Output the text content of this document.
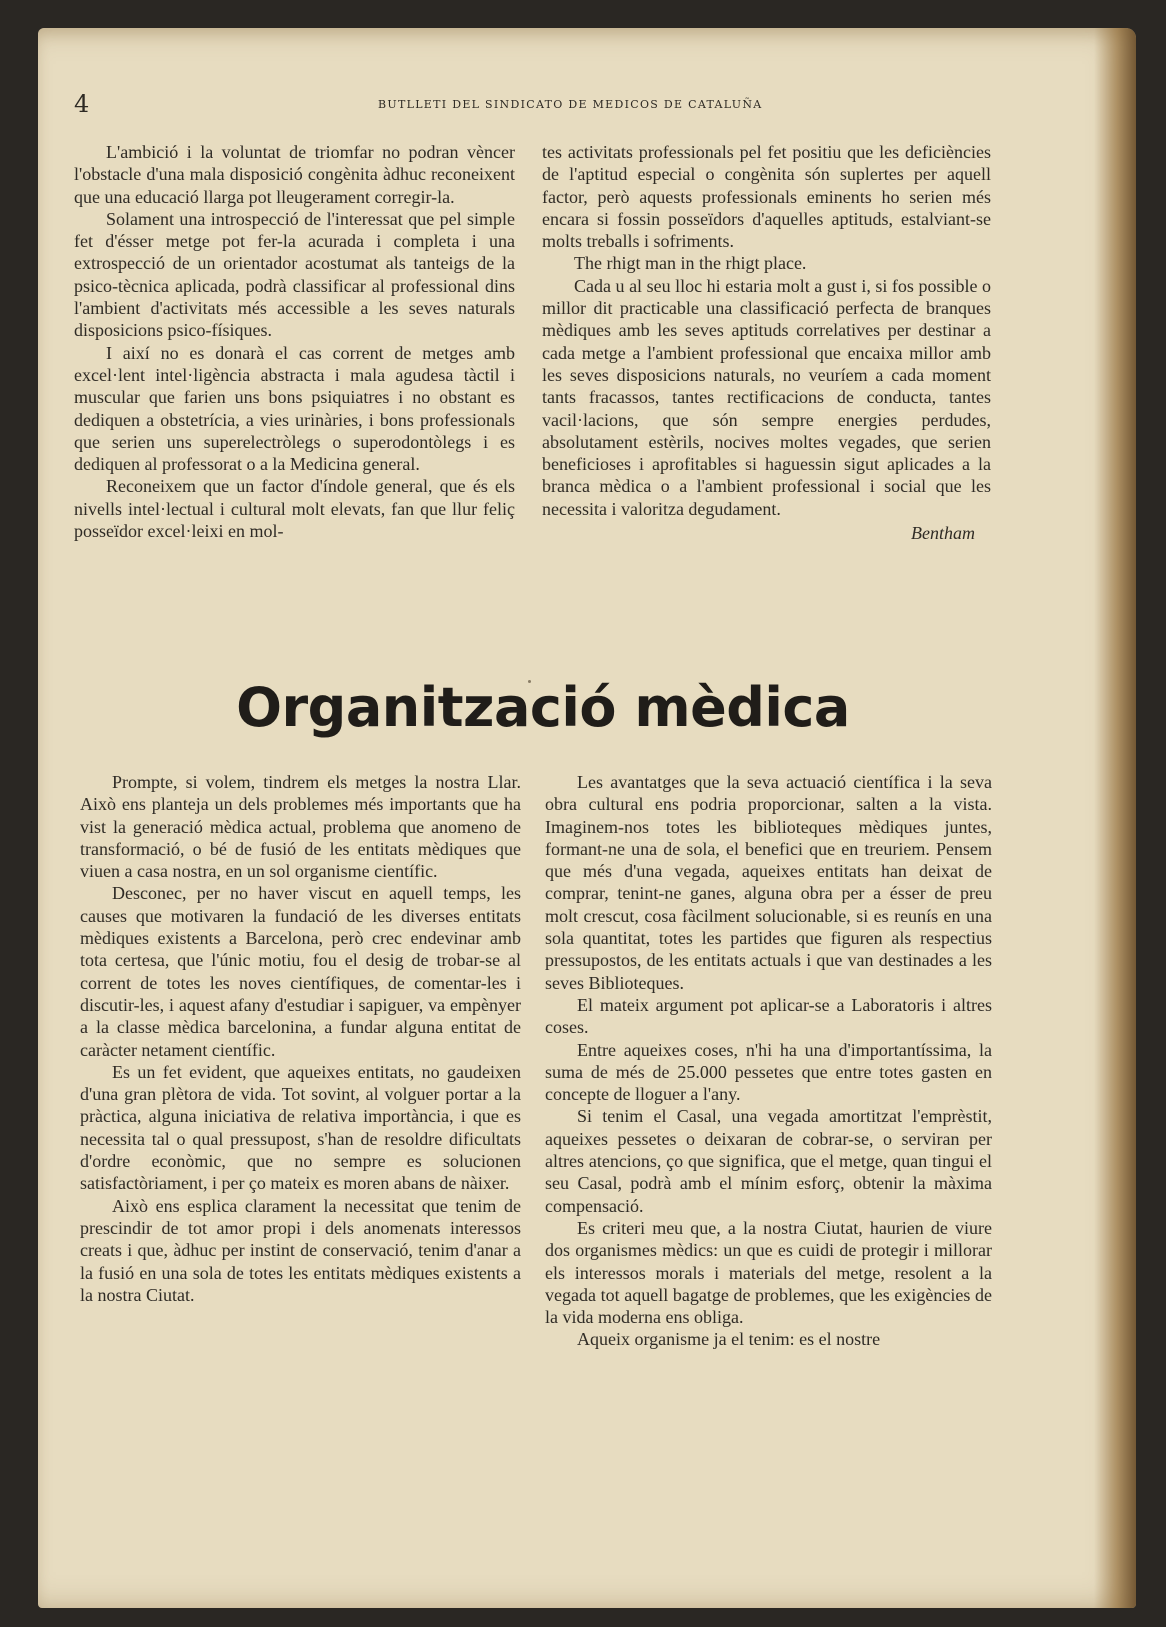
4	BUTLLETI DEL SINDICATO DE MEDICOS DE CATALUÑA

L'ambició i la voluntat de triomfar no podran vèncer l'obstacle d'una mala disposició congènita àdhuc reconeixent que una educació llarga pot lleugerament corregir-la.

Solament una introspecció de l'interessat que pel simple fet d'ésser metge pot fer-la acurada i completa i una extrospecció de un orientador acostumat als tanteigs de la psico-tècnica aplicada, podrà classificar al professional dins l'ambient d'activitats més accessible a les seves naturals disposicions psico-físiques.

I així no es donarà el cas corrent de metges amb excel·lent intel·ligència abstracta i mala agudesa tàctil i muscular que farien uns bons psiquiatres i no obstant es dediquen a obstetrícia, a vies urinàries, i bons professionals que serien uns superelectròlegs o superodontòlegs i es dediquen al professorat o a la Medicina general.

Reconeixem que un factor d'índole general, que és els nivells intel·lectual i cultural molt elevats, fan que llur feliç posseïdor excel·leixi en mol-

tes activitats professionals pel fet positiu que les deficiències de l'aptitud especial o congènita són suplertes per aquell factor, però aquests professionals eminents ho serien més encara si fossin posseïdors d'aquelles aptituds, estalviant-se molts treballs i sofriments.

The rhigt man in the rhigt place.

Cada u al seu lloc hi estaria molt a gust i, si fos possible o millor dit practicable una classificació perfecta de branques mèdiques amb les seves aptituds correlatives per destinar a cada metge a l'ambient professional que encaixa millor amb les seves disposicions naturals, no veuríem a cada moment tants fracassos, tantes rectificacions de conducta, tantes vacil·lacions, que són sempre energies perdudes, absolutament estèrils, nocives moltes vegades, que serien beneficioses i aprofitables si haguessin sigut aplicades a la branca mèdica o a l'ambient professional i social que les necessita i valoritza degudament.

Bentham
Organització mèdica

Prompte, si volem, tindrem els metges la nostra Llar. Això ens planteja un dels problemes més importants que ha vist la generació mèdica actual, problema que anomeno de transformació, o bé de fusió de les entitats mèdiques que viuen a casa nostra, en un sol organisme científic.

Desconec, per no haver viscut en aquell temps, les causes que motivaren la fundació de les diverses entitats mèdiques existents a Barcelona, però crec endevinar amb tota certesa, que l'únic motiu, fou el desig de trobar-se al corrent de totes les noves científiques, de comentar-les i discutir-les, i aquest afany d'estudiar i sapiguer, va empènyer a la classe mèdica barcelonina, a fundar alguna entitat de caràcter netament científic.

Es un fet evident, que aqueixes entitats, no gaudeixen d'una gran plètora de vida. Tot sovint, al volguer portar a la pràctica, alguna iniciativa de relativa importància, i que es necessita tal o qual pressupost, s'han de resoldre dificultats d'ordre econòmic, que no sempre es solucionen satisfactòriament, i per ço mateix es moren abans de nàixer.

Això ens esplica clarament la necessitat que tenim de prescindir de tot amor propi i dels anomenats interessos creats i que, àdhuc per instint de conservació, tenim d'anar a la fusió en una sola de totes les entitats mèdiques existents a la nostra Ciutat.

Les avantatges que la seva actuació científica i la seva obra cultural ens podria proporcionar, salten a la vista. Imaginem-nos totes les biblioteques mèdiques juntes, formant-ne una de sola, el benefici que en treuriem. Pensem que més d'una vegada, aqueixes entitats han deixat de comprar, tenint-ne ganes, alguna obra per a ésser de preu molt crescut, cosa fàcilment solucionable, si es reunís en una sola quantitat, totes les partides que figuren als respectius pressupostos, de les entitats actuals i que van destinades a les seves Biblioteques.

El mateix argument pot aplicar-se a Laboratoris i altres coses.

Entre aqueixes coses, n'hi ha una d'importantíssima, la suma de més de 25.000 pessetes que entre totes gasten en concepte de lloguer a l'any.

Si tenim el Casal, una vegada amortitzat l'emprèstit, aqueixes pessetes o deixaran de cobrar-se, o serviran per altres atencions, ço que significa, que el metge, quan tingui el seu Casal, podrà amb el mínim esforç, obtenir la màxima compensació.

Es criteri meu que, a la nostra Ciutat, haurien de viure dos organismes mèdics: un que es cuidi de protegir i millorar els interessos morals i materials del metge, resolent a la vegada tot aquell bagatge de problemes, que les exigències de la vida moderna ens obliga.

Aqueix organisme ja el tenim: es el nostre
